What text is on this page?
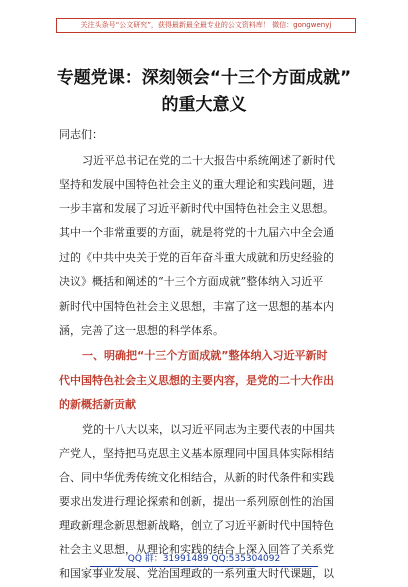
关注头条号“公文研究”，获得最新最全最专业的公文资料库！ 微信：gongwenyj
专题党课：深刻领会“十三个方面成就”
的重大意义
同志们：
习近平总书记在党的二十大报告中系统阐述了新时代
坚持和发展中国特色社会主义的重大理论和实践问题，进
一步丰富和发展了习近平新时代中国特色社会主义思想。
其中一个非常重要的方面，就是将党的十九届六中全会通
过的《中共中央关于党的百年奋斗重大成就和历史经验的
决议》概括和阐述的“十三个方面成就”整体纳入习近平
新时代中国特色社会主义思想，丰富了这一思想的基本内
涵，完善了这一思想的科学体系。
一、明确把“十三个方面成就”整体纳入习近平新时
代中国特色社会主义思想的主要内容，是党的二十大作出
的新概括新贡献
党的十八大以来，以习近平同志为主要代表的中国共
产党人，坚持把马克思主义基本原理同中国具体实际相结
合、同中华优秀传统文化相结合，从新的时代条件和实践
要求出发进行理论探索和创新，提出一系列原创性的治国
理政新理念新思想新战略，创立了习近平新时代中国特色
社会主义思想，从理论和实践的结合上深入回答了关系党
和国家事业发展、党治国理政的一系列重大时代课题，以
QQ 群：31991489 QQ:535304092
